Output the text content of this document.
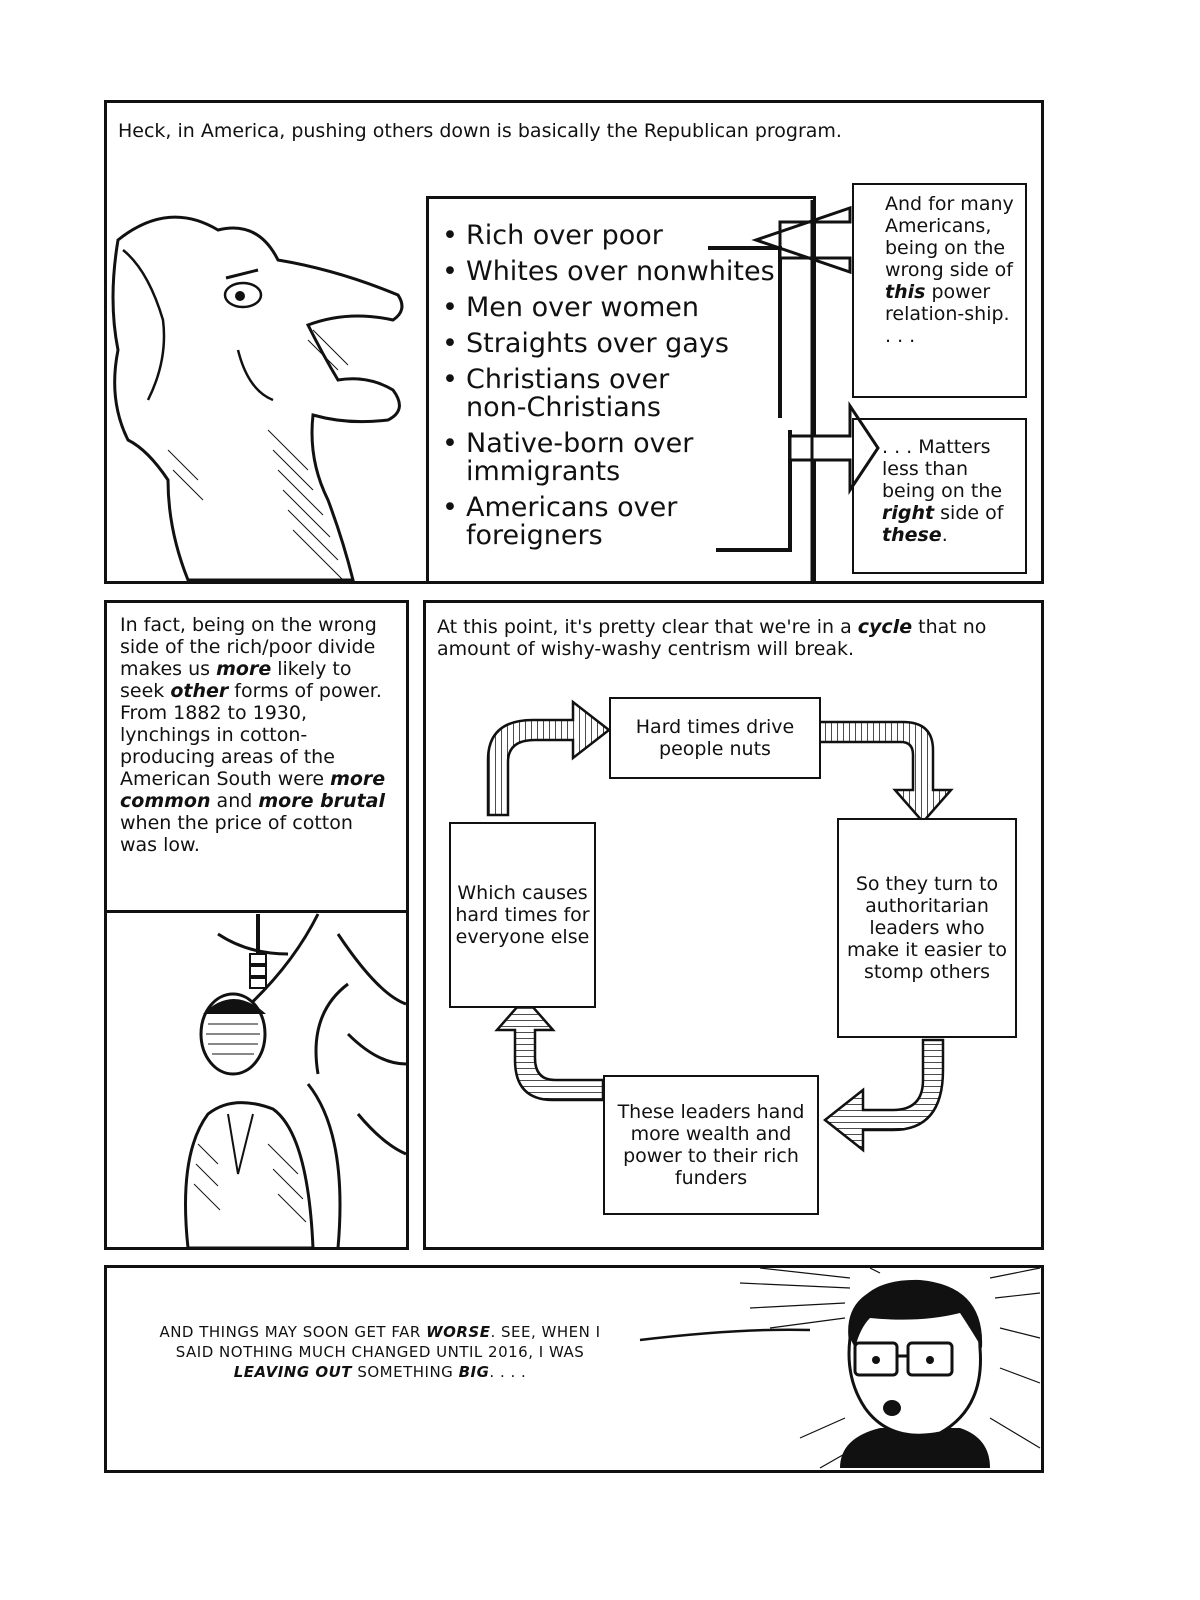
Heck, in America, pushing others down is basically the Republican program.
• Rich over poor
• Whites over nonwhites
• Men over women
• Straights over gays
• Christians over non-Christians
• Native-born over immigrants
• Americans over foreigners
And for many Americans, being on the wrong side of this power relation-ship. . . .
. . . Matters less than being on the right side of these.
In fact, being on the wrong side of the rich/poor divide makes us more likely to seek other forms of power. From 1882 to 1930, lynchings in cotton-producing areas of the American South were more common and more brutal when the price of cotton was low.
At this point, it's pretty clear that we're in a cycle that no amount of wishy-washy centrism will break.
Hard times drive people nuts
So they turn to authoritarian leaders who make it easier to stomp others
These leaders hand more wealth and power to their rich funders
Which causes hard times for everyone else
AND THINGS MAY SOON GET FAR WORSE. SEE, WHEN I SAID NOTHING MUCH CHANGED UNTIL 2016, I WAS LEAVING OUT SOMETHING BIG. . . .
